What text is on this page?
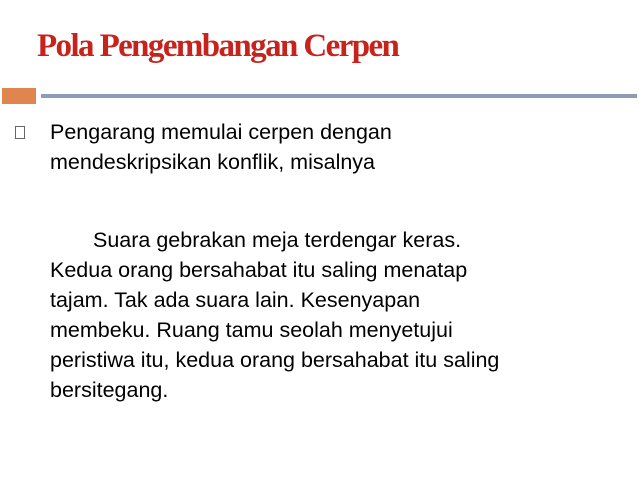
Pola Pengembangan Cerpen
Pengarang memulai cerpen dengan
mendeskripsikan konflik, misalnya
Suara gebrakan meja terdengar keras.
Kedua orang bersahabat itu saling menatap
tajam. Tak ada suara lain. Kesenyapan
membeku. Ruang tamu seolah menyetujui
peristiwa itu, kedua orang bersahabat itu saling
bersitegang.
